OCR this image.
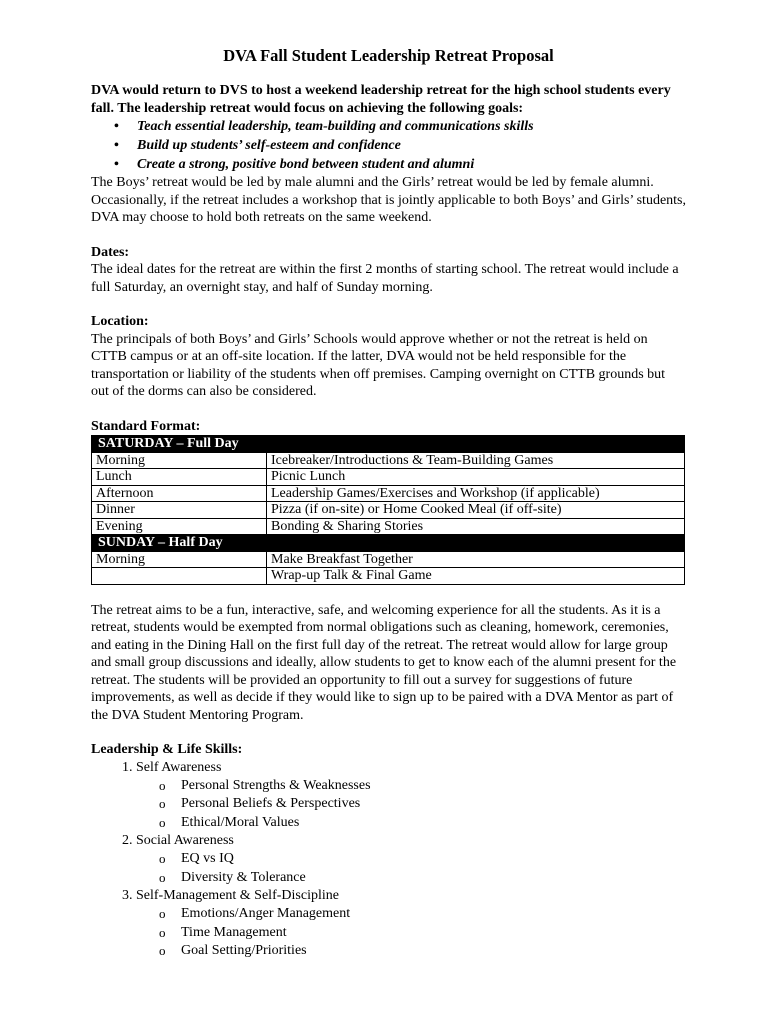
DVA Fall Student Leadership Retreat Proposal

DVA would return to DVS to host a weekend leadership retreat for the high school students every fall. The leadership retreat would focus on achieving the following goals:

• Teach essential leadership, team-building and communications skills
• Build up students’ self-esteem and confidence
• Create a strong, positive bond between student and alumni

The Boys’ retreat would be led by male alumni and the Girls’ retreat would be led by female alumni. Occasionally, if the retreat includes a workshop that is jointly applicable to both Boys’ and Girls’ students, DVA may choose to hold both retreats on the same weekend.

Dates:

The ideal dates for the retreat are within the first 2 months of starting school. The retreat would include a full Saturday, an overnight stay, and half of Sunday morning.

Location:

The principals of both Boys’ and Girls’ Schools would approve whether or not the retreat is held on CTTB campus or at an off-site location. If the latter, DVA would not be held responsible for the transportation or liability of the students when off premises. Camping overnight on CTTB grounds but out of the dorms can also be considered.

Standard Format:

SATURDAY – Full Day	
Morning	Icebreaker/Introductions & Team-Building Games
Lunch	Picnic Lunch
Afternoon	Leadership Games/Exercises and Workshop (if applicable)
Dinner	Pizza (if on-site) or Home Cooked Meal (if off-site)
Evening	Bonding & Sharing Stories
SUNDAY – Half Day	
Morning	Make Breakfast Together
	Wrap-up Talk & Final Game

The retreat aims to be a fun, interactive, safe, and welcoming experience for all the students. As it is a retreat, students would be exempted from normal obligations such as cleaning, homework, ceremonies, and eating in the Dining Hall on the first full day of the retreat. The retreat would allow for large group and small group discussions and ideally, allow students to get to know each of the alumni present for the retreat. The students will be provided an opportunity to fill out a survey for suggestions of future improvements, as well as decide if they would like to sign up to be paired with a DVA Mentor as part of the DVA Student Mentoring Program.

Leadership & Life Skills:

1. Self Awareness
o Personal Strengths & Weaknesses
o Personal Beliefs & Perspectives
o Ethical/Moral Values
2. Social Awareness
o EQ vs IQ
o Diversity & Tolerance
3. Self-Management & Self-Discipline
o Emotions/Anger Management
o Time Management
o Goal Setting/Priorities
